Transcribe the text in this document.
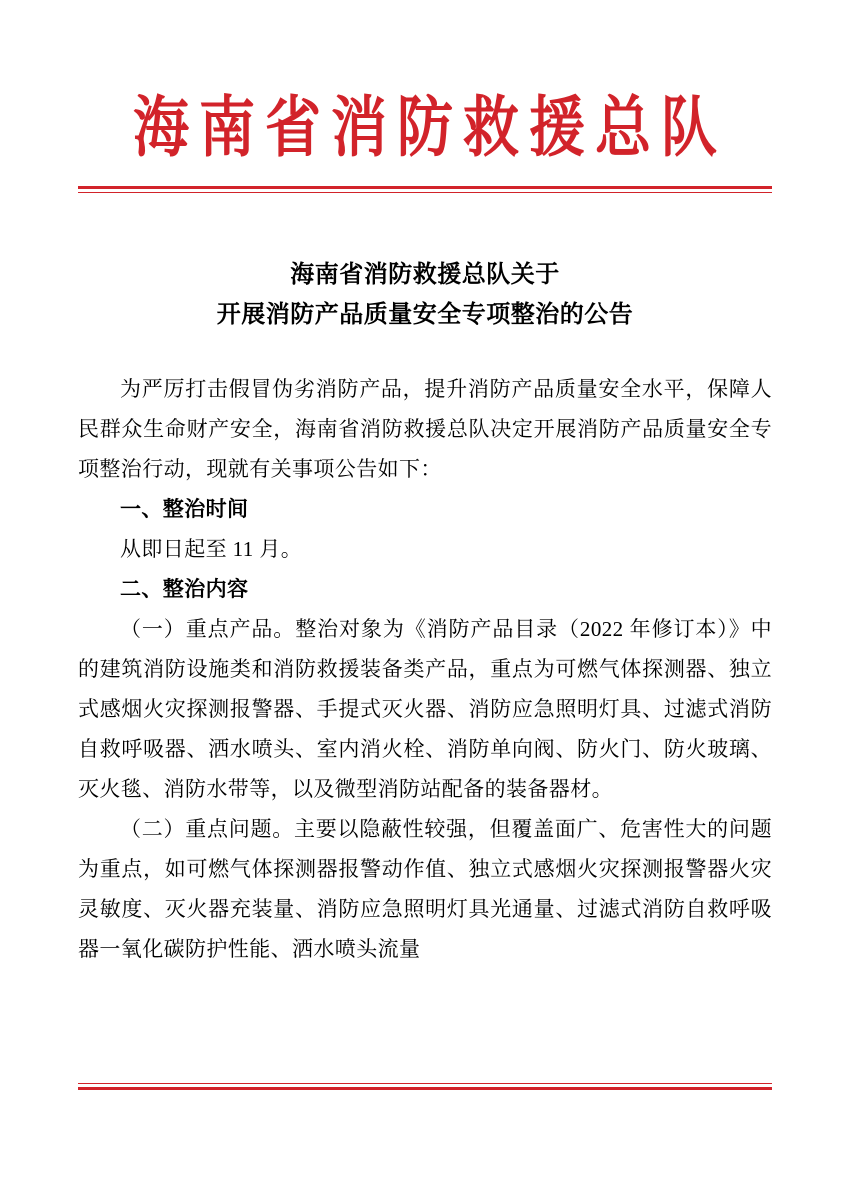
海南省消防救援总队
海南省消防救援总队关于
开展消防产品质量安全专项整治的公告

为严厉打击假冒伪劣消防产品，提升消防产品质量安全水平，保障人民群众生命财产安全，海南省消防救援总队决定开展消防产品质量安全专项整治行动，现就有关事项公告如下：

一、整治时间

从即日起至 11 月。

二、整治内容

（一）重点产品。整治对象为《消防产品目录（2022 年修订本）》中的建筑消防设施类和消防救援装备类产品，重点为可燃气体探测器、独立式感烟火灾探测报警器、手提式灭火器、消防应急照明灯具、过滤式消防自救呼吸器、洒水喷头、室内消火栓、消防单向阀、防火门、防火玻璃、灭火毯、消防水带等，以及微型消防站配备的装备器材。

（二）重点问题。主要以隐蔽性较强，但覆盖面广、危害性大的问题为重点，如可燃气体探测器报警动作值、独立式感烟火灾探测报警器火灾灵敏度、灭火器充装量、消防应急照明灯具光通量、过滤式消防自救呼吸器一氧化碳防护性能、洒水喷头流量
